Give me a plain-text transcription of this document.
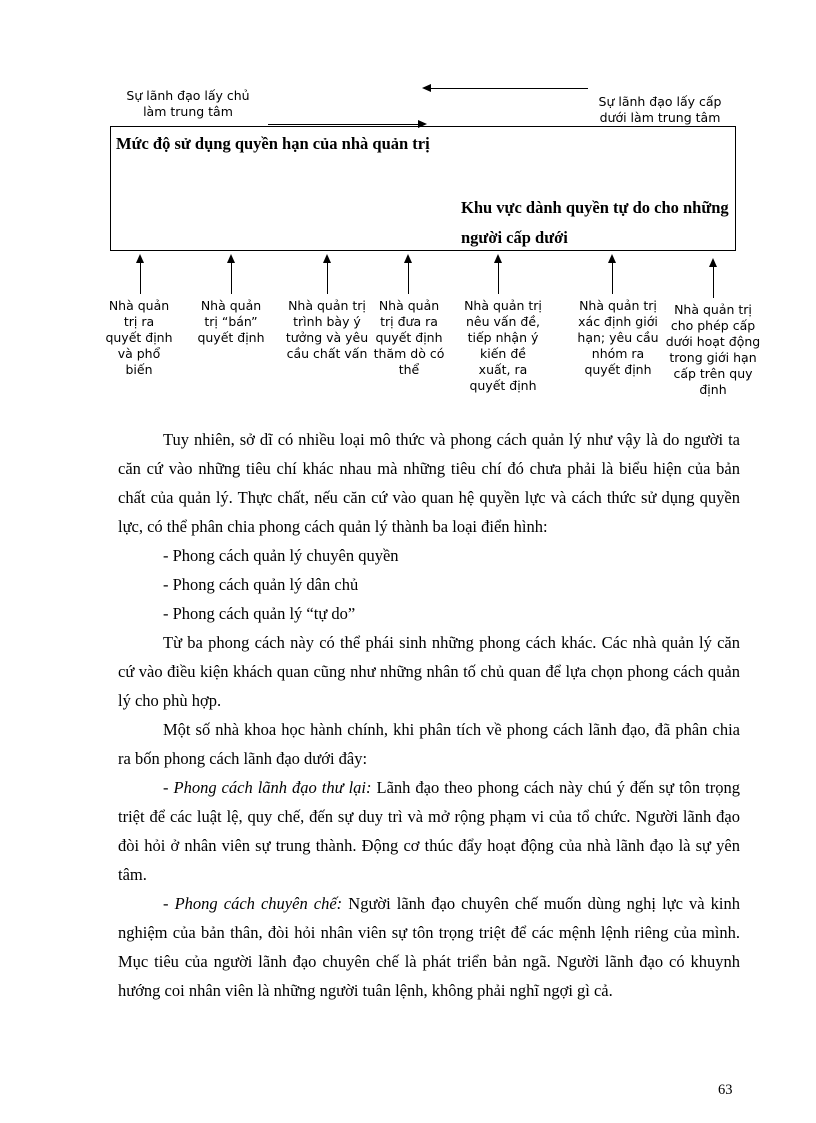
Sự lãnh đạo lấy chủ làm trung tâm
Sự lãnh đạo lấy cấp dưới làm trung tâm
Mức độ sử dụng quyền hạn của nhà quản trị
Khu vực dành quyền tự do cho những người cấp dưới
Nhà quản trị ra quyết định và phổ biến
Nhà quản trị “bán” quyết định
Nhà quản trị trình bày ý tưởng và yêu cầu chất vấn
Nhà quản trị đưa ra quyết định thăm dò có thể
Nhà quản trị nêu vấn đề, tiếp nhận ý kiến đề xuất, ra quyết định
Nhà quản trị xác định giới hạn; yêu cầu nhóm ra quyết định
Nhà quản trị cho phép cấp dưới hoạt động trong giới hạn cấp trên quy định

Tuy nhiên, sở dĩ có nhiều loại mô thức và phong cách quản lý như vậy là do người ta căn cứ vào những tiêu chí khác nhau mà những tiêu chí đó chưa phải là biểu hiện của bản chất của quản lý. Thực chất, nếu căn cứ vào quan hệ quyền lực và cách thức sử dụng quyền lực, có thể phân chia phong cách quản lý thành ba loại điển hình:

- Phong cách quản lý chuyên quyền

- Phong cách quản lý dân chủ

- Phong cách quản lý “tự do”

Từ ba phong cách này có thể phái sinh những phong cách khác. Các nhà quản lý căn cứ vào điều kiện khách quan cũng như những nhân tố chủ quan để lựa chọn phong cách quản lý cho phù hợp.

Một số nhà khoa học hành chính, khi phân tích về phong cách lãnh đạo, đã phân chia ra bốn phong cách lãnh đạo dưới đây:

- Phong cách lãnh đạo thư lại: Lãnh đạo theo phong cách này chú ý đến sự tôn trọng triệt để các luật lệ, quy chế, đến sự duy trì và mở rộng phạm vi của tổ chức. Người lãnh đạo đòi hỏi ở nhân viên sự trung thành. Động cơ thúc đẩy hoạt động của nhà lãnh đạo là sự yên tâm.

- Phong cách chuyên chế: Người lãnh đạo chuyên chế muốn dùng nghị lực và kinh nghiệm của bản thân, đòi hỏi nhân viên sự tôn trọng triệt để các mệnh lệnh riêng của mình. Mục tiêu của người lãnh đạo chuyên chế là phát triển bản ngã. Người lãnh đạo có khuynh hướng coi nhân viên là những người tuân lệnh, không phải nghĩ ngợi gì cả.

63
